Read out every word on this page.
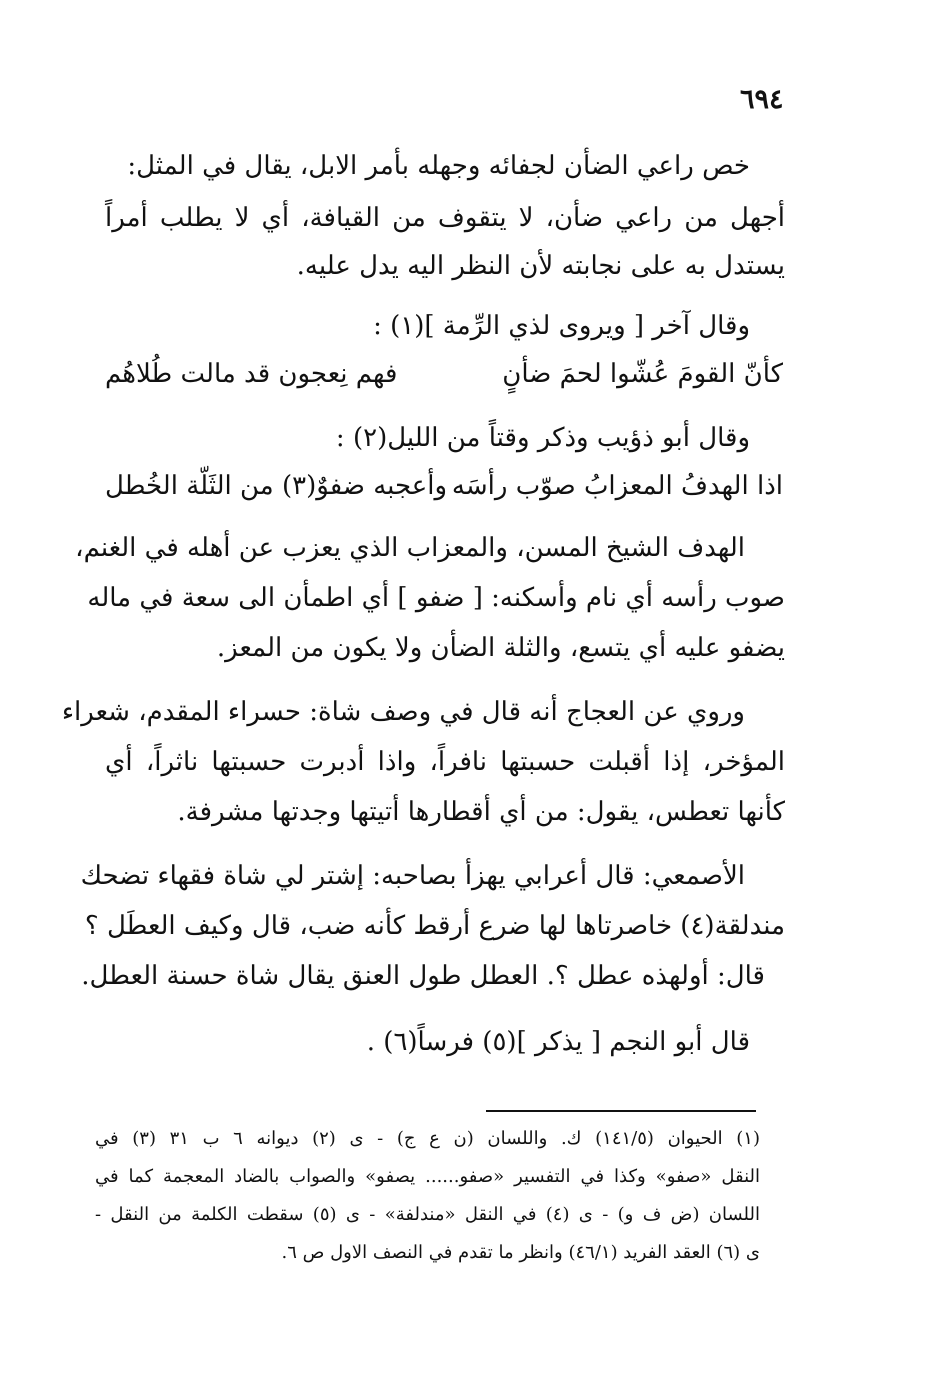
٦٩٤
خص راعي الضأن لجفائه وجهله بأمر الابل، يقال في المثل:
أجهل من راعي ضأن، لا يتقوف من القيافة، أي لا يطلب أمراً
يستدل به على نجابته لأن النظر اليه يدل عليه.
وقال آخر [ ويروى لذي الرِّمة ](١) :
كأنّ القومَ عُشّوا لحمَ ضأنٍ
فهم نِعجون قد مالت طُلاهُم
وقال أبو ذؤيب وذكر وقتاً من الليل(٢) :
اذا الهدفُ المعزابُ صوّب رأسَه
وأعجبه ضفوٌ(٣) من الثَلّة الخُطل
الهدف الشيخ المسن، والمعزاب الذي يعزب عن أهله في الغنم،
صوب رأسه أي نام وأسكنه: [ ضفو ] أي اطمأن الى سعة في ماله
يضفو عليه أي يتسع، والثلة الضأن ولا يكون من المعز.
وروي عن العجاج أنه قال في وصف شاة: حسراء المقدم، شعراء
المؤخر، إذا أقبلت حسبتها نافراً، واذا أدبرت حسبتها ناثراً، أي
كأنها تعطس، يقول: من أي أقطارها أتيتها وجدتها مشرفة.
الأصمعي: قال أعرابي يهزأ بصاحبه: إشتر لي شاة فقهاء تضحك
مندلقة(٤) خاصرتاها لها ضرع أرقط كأنه ضب، قال وكيف العطَل ؟
قال: أولهذه عطل ؟. العطل طول العنق يقال شاة حسنة العطل.
قال أبو النجم [ يذكر ](٥) فرساً(٦) .
(١) الحيوان (١٤١/٥) ك. واللسان (ن ع ج) - ى (٢) ديوانه ٦ ب ٣١ (٣) في
النقل «صفو» وكذا في التفسير «صفو...... يصفو» والصواب بالضاد المعجمة كما في
اللسان (ض ف و) - ى (٤) في النقل «مندلفة» - ى (٥) سقطت الكلمة من النقل -
ى (٦) العقد الفريد (٤٦/١) وانظر ما تقدم في النصف الاول ص ٦.
